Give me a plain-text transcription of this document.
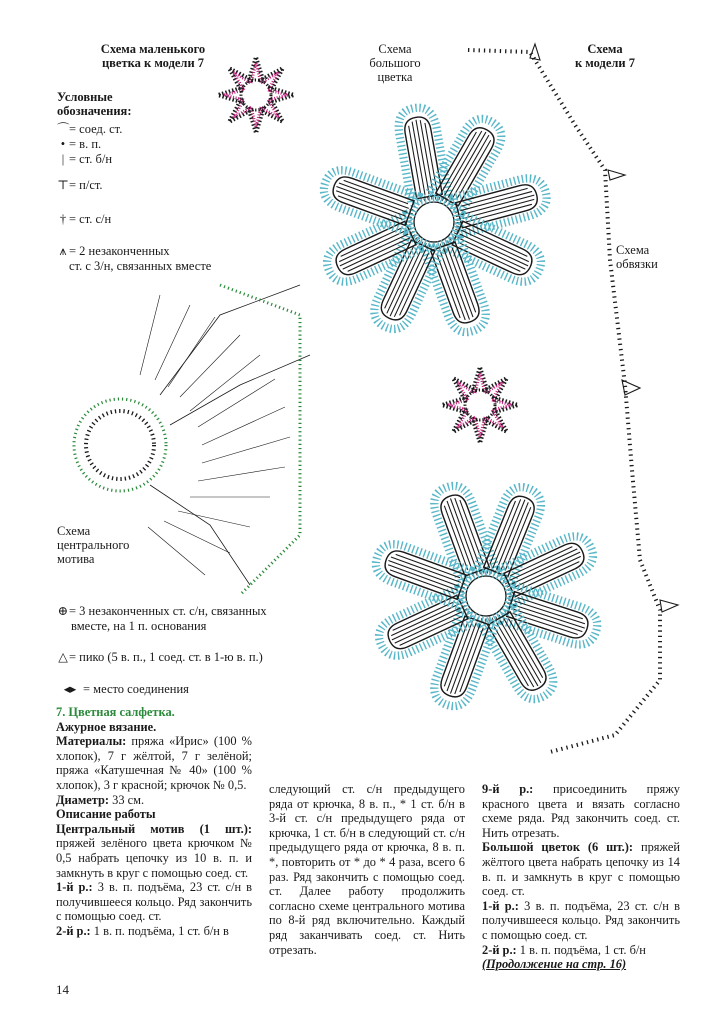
Схема маленького
цветка к модели 7
Схема
большого
цветка
Схема
к модели 7
Схема
обвязки
Схема
центрального
мотива
Условные
обозначения:
⌒= соед. ст.
• = в. п.
| = ст. б/н
⊤= п/ст.
† = ст. с/н
⩚ = 2 незаконченных
ст. с 3/н, связанных вместе
⊕= 3 незаконченных ст. с/н, связанных
вместе, на 1 п. основания
△= пико (5 в. п., 1 соед. ст. в 1-ю в. п.)
◂▸ = место соединения

7. Цветная салфетка.

Ажурное вязание.

Материалы: пряжа «Ирис» (100 % хлопок), 7 г жёлтой, 7 г зелёной; пряжа «Катушечная № 40» (100 % хлопок), 3 г красной; крючок № 0,5.

Диаметр: 33 см.

Описание работы

Центральный мотив (1 шт.): пряжей зелёного цвета крючком № 0,5 набрать цепочку из 10 в. п. и замкнуть в круг с помощью соед. ст.

1-й р.: 3 в. п. подъёма, 23 ст. с/н в получившееся кольцо. Ряд закончить с помощью соед. ст.

2-й р.: 1 в. п. подъёма, 1 ст. б/н в

следующий ст. с/н предыдущего ряда от крючка, 8 в. п., * 1 ст. б/н в 3-й ст. с/н предыдущего ряда от крючка, 1 ст. б/н в следующий ст. с/н предыдущего ряда от крючка, 8 в. п. *, повторить от * до * 4 раза, всего 6 раз. Ряд закончить с помощью соед. ст. Далее работу продолжить согласно схеме центрального мотива по 8-й ряд включительно. Каждый ряд заканчивать соед. ст. Нить отрезать.

9-й р.: присоединить пряжу красного цвета и вязать согласно схеме ряда. Ряд закончить соед. ст. Нить отрезать.

Большой цветок (6 шт.): пряжей жёлтого цвета набрать цепочку из 14 в. п. и замкнуть в круг с помощью соед. ст.

1-й р.: 3 в. п. подъёма, 23 ст. с/н в получившееся кольцо. Ряд закончить с помощью соед. ст.

2-й р.: 1 в. п. подъёма, 1 ст. б/н

(Продолжение на стр. 16)

14
